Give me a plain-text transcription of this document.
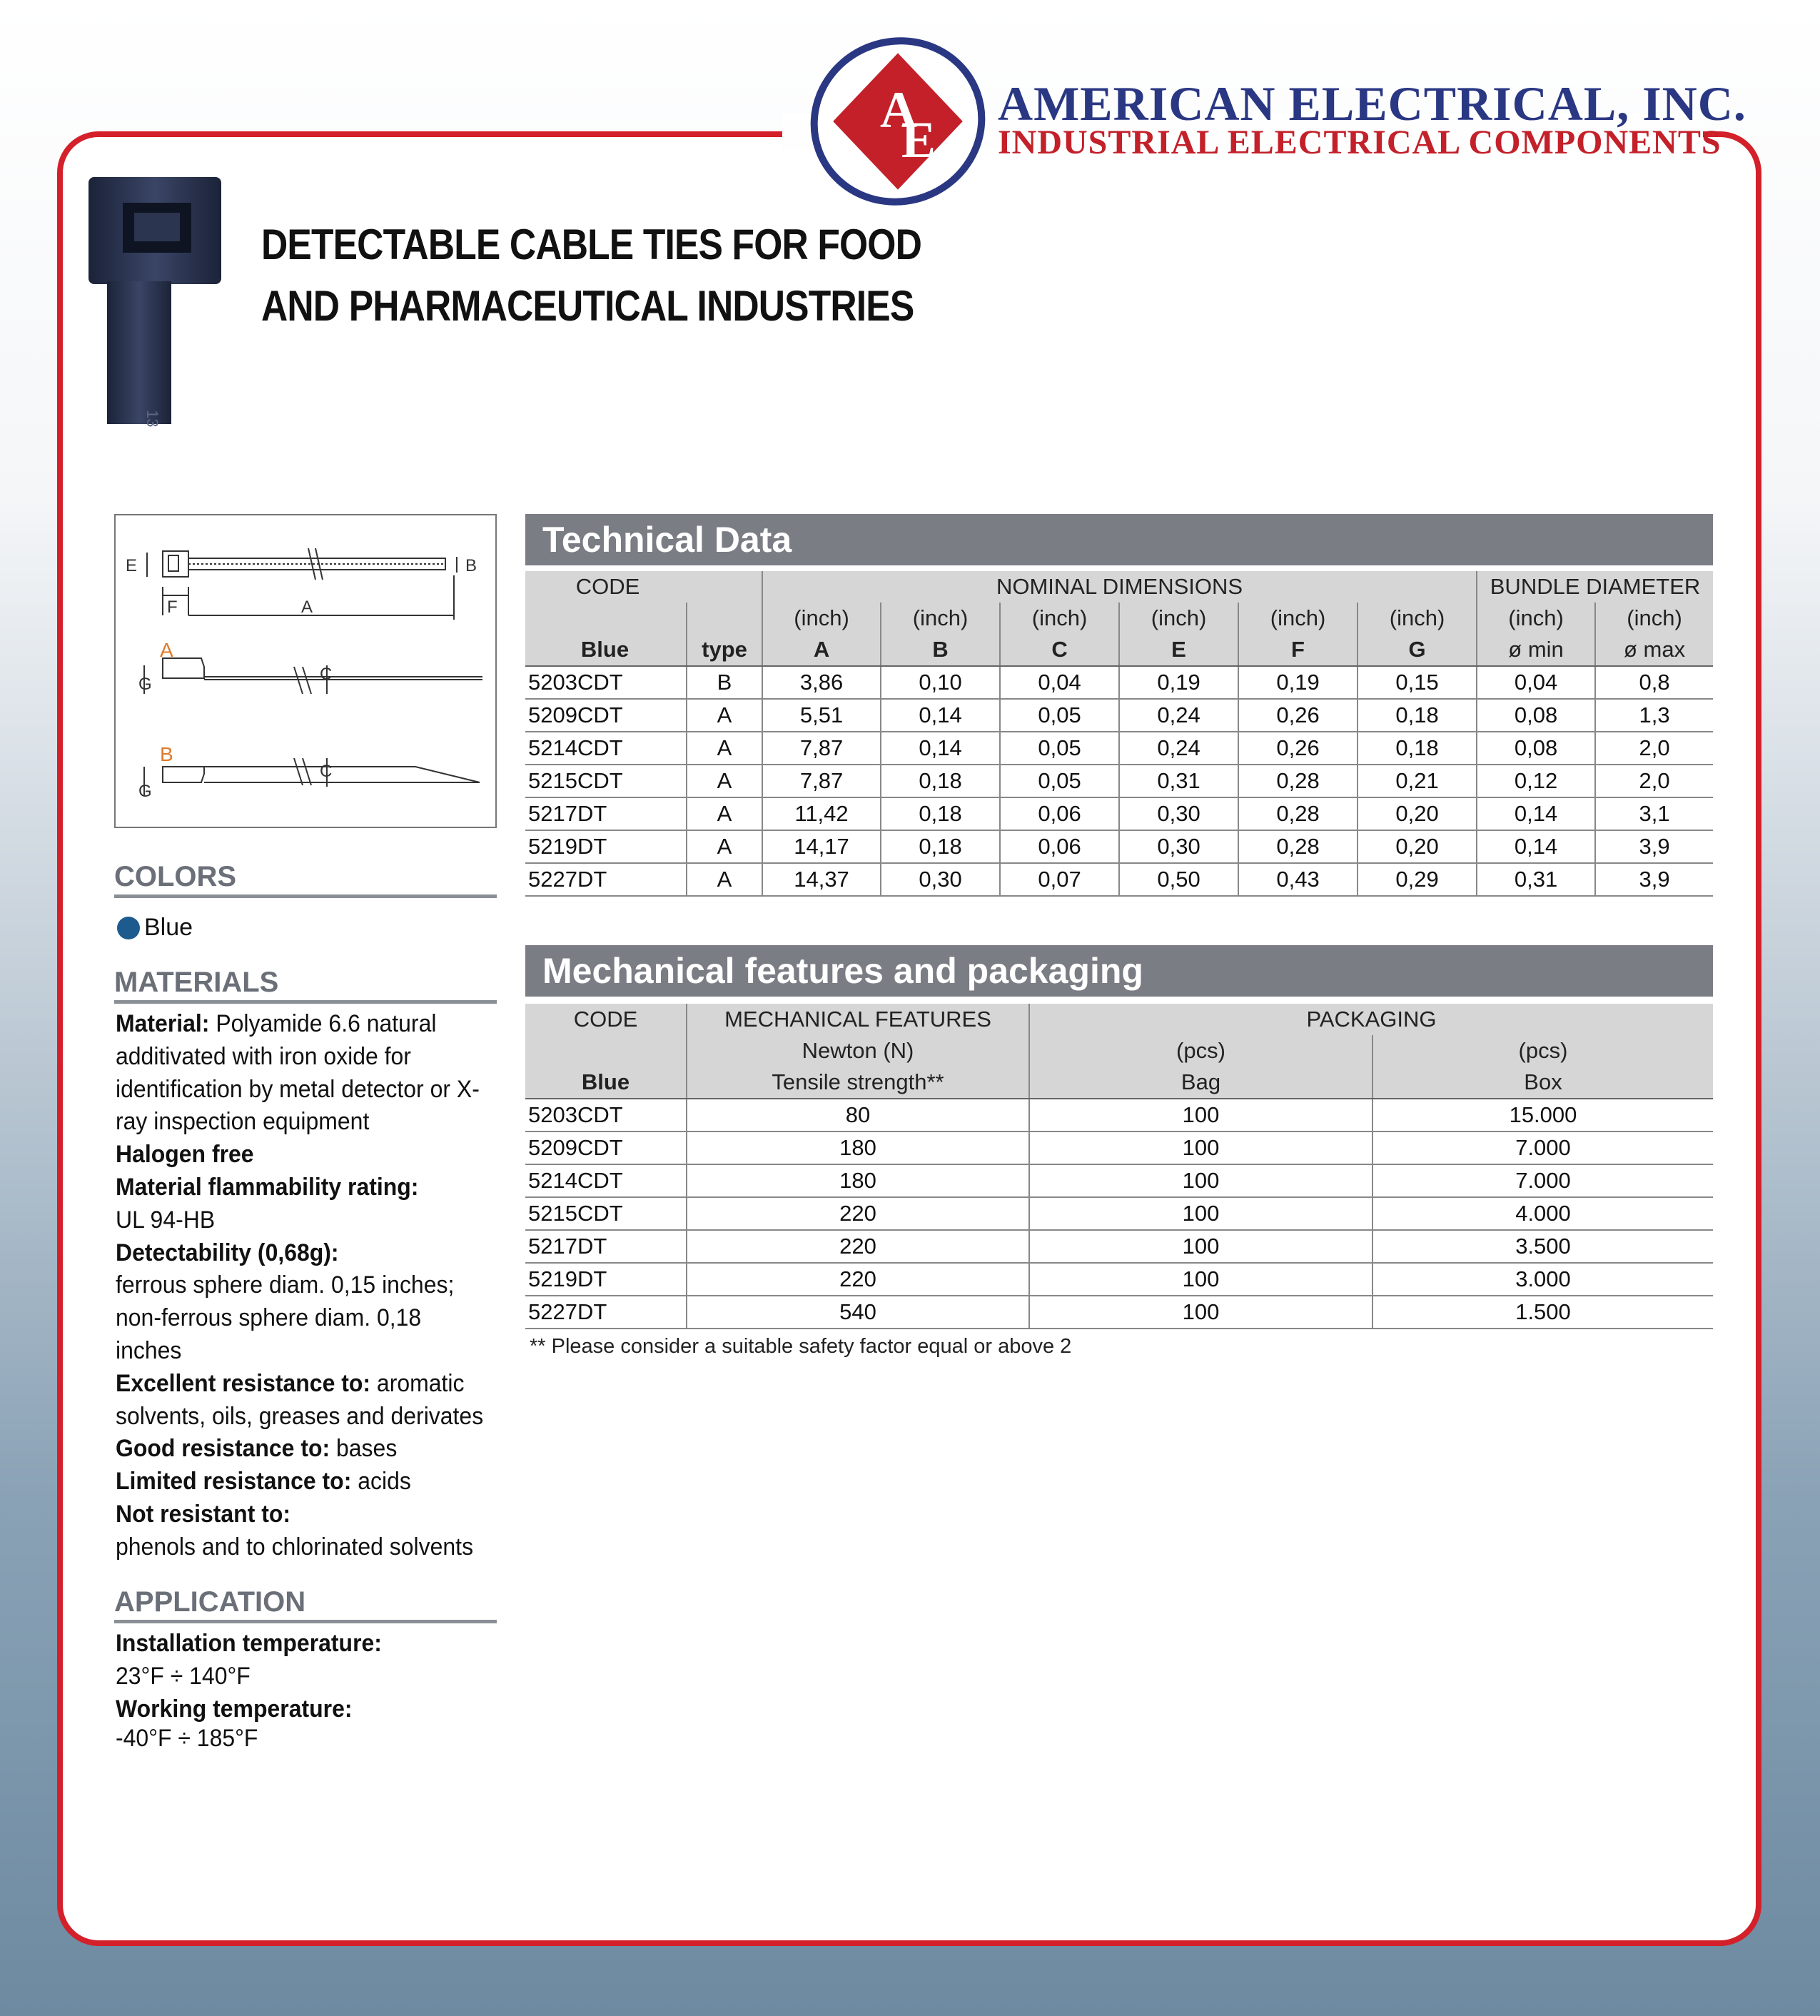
A
E
AMERICAN ELECTRICAL, INC.
INDUSTRIAL ELECTRICAL COMPONENTS
13
DETECTABLE CABLE TIES FOR FOOD
AND PHARMACEUTICAL INDUSTRIES
E	B
F	A
A
G
C
B
G
C
COLORS
Blue
MATERIALS
Material: Polyamide 6.6 natural additivated with iron oxide for identification by metal detector or X-ray inspection equipment
Halogen free
Material flammability rating:
UL 94-HB
Detectability (0,68g):
ferrous sphere diam. 0,15 inches;
non-ferrous sphere diam. 0,18 inches
Excellent resistance to: aromatic solvents, oils, greases and derivates
Good resistance to: bases
Limited resistance to: acids
Not resistant to:
phenols and to chlorinated solvents
APPLICATION
Installation temperature:
23°F ÷ 140°F
Working temperature:
-40°F ÷ 185°F
Technical Data
CODE		NOMINAL DIMENSIONS						BUNDLE DIAMETER	
		(inch)	(inch)	(inch)	(inch)	(inch)	(inch)	(inch)	(inch)
Blue	type	A	B	C	E	F	G	ø min	ø max
5203CDT	B	3,86	0,10	0,04	0,19	0,19	0,15	0,04	0,8
5209CDT	A	5,51	0,14	0,05	0,24	0,26	0,18	0,08	1,3
5214CDT	A	7,87	0,14	0,05	0,24	0,26	0,18	0,08	2,0
5215CDT	A	7,87	0,18	0,05	0,31	0,28	0,21	0,12	2,0
5217DT	A	11,42	0,18	0,06	0,30	0,28	0,20	0,14	3,1
5219DT	A	14,17	0,18	0,06	0,30	0,28	0,20	0,14	3,9
5227DT	A	14,37	0,30	0,07	0,50	0,43	0,29	0,31	3,9
Mechanical features and packaging
CODE	MECHANICAL FEATURES	PACKAGING	
	Newton (N)	(pcs)	(pcs)
Blue	Tensile strength**	Bag	Box
5203CDT	80	100	15.000
5209CDT	180	100	7.000
5214CDT	180	100	7.000
5215CDT	220	100	4.000
5217DT	220	100	3.500
5219DT	220	100	3.000
5227DT	540	100	1.500
** Please consider a suitable safety factor equal or above 2
